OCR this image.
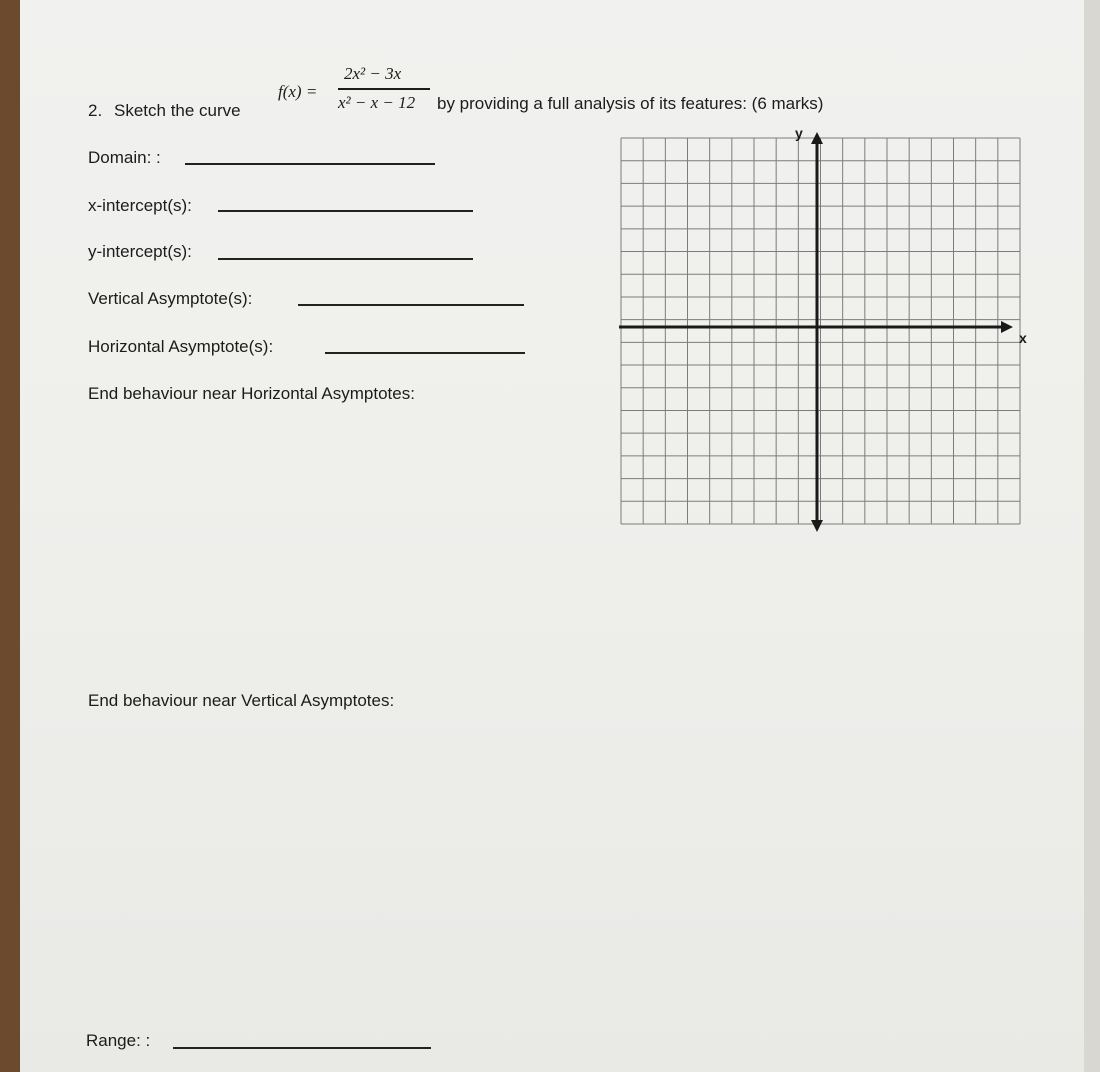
2. Sketch the curve
f(x) =
2x² − 3x
x² − x − 12 by providing a full analysis of its features: (6 marks)
Domain: :
x-intercept(s):
y-intercept(s):
Vertical Asymptote(s):
Horizontal Asymptote(s):
End behaviour near Horizontal Asymptotes:
End behaviour near Vertical Asymptotes:
Range: :
x
y
